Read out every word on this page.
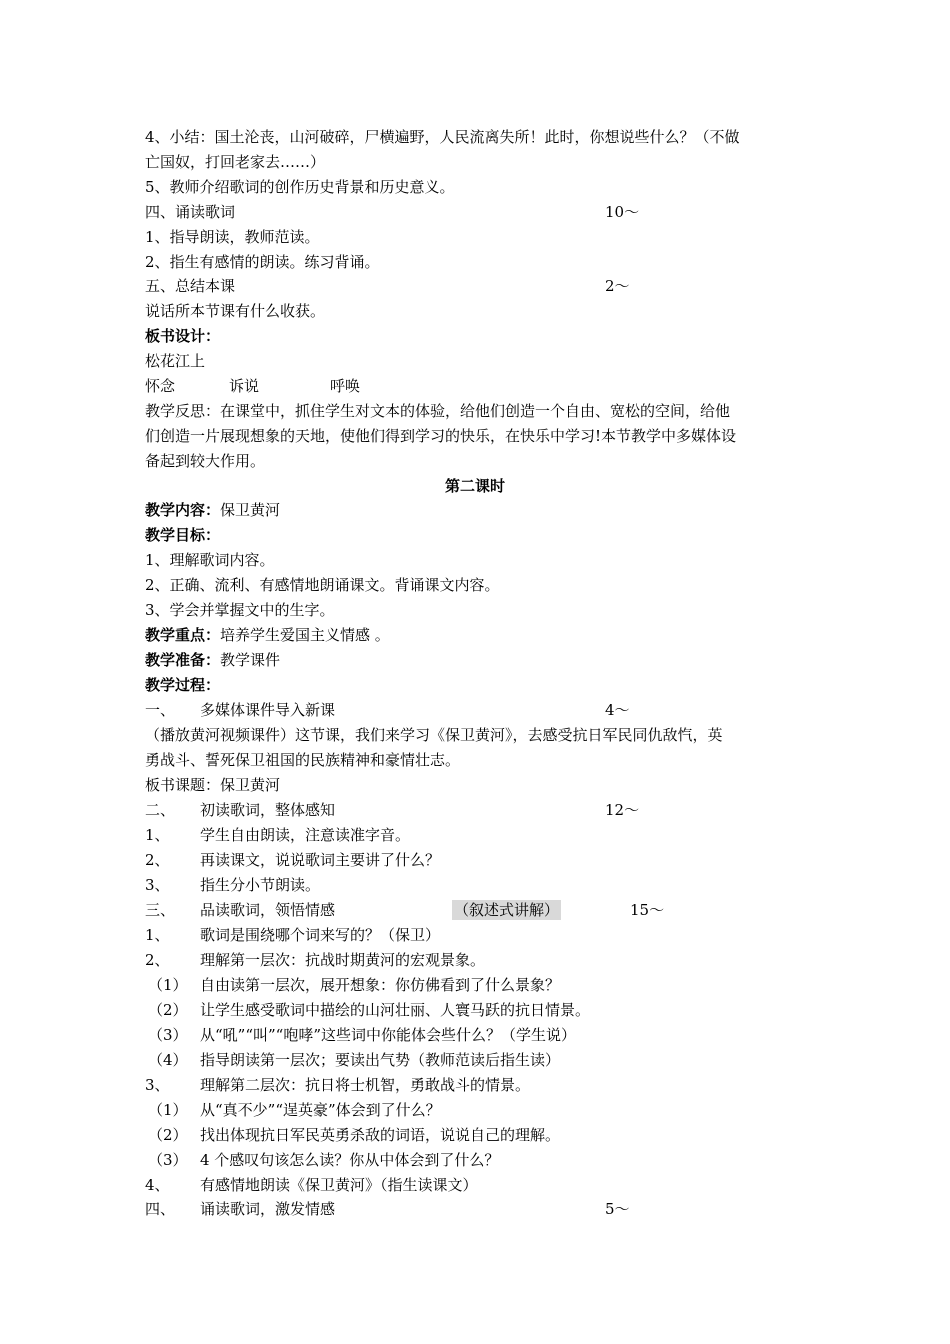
4、小结：国土沦丧，山河破碎，尸横遍野，人民流离失所！此时，你想说些什么？（不做
亡国奴，打回老家去……）
5、教师介绍歌词的创作历史背景和历史意义。
四、诵读歌词	10～
1、指导朗读，教师范读。
2、指生有感情的朗读。练习背诵。
五、总结本课	2～
说话所本节课有什么收获。
板书设计：
松花江上
怀念	诉说	呼唤
教学反思：在课堂中，抓住学生对文本的体验，给他们创造一个自由、宽松的空间，给他
们创造一片展现想象的天地，使他们得到学习的快乐，在快乐中学习!本节教学中多媒体设
备起到较大作用。
第二课时
教学内容：保卫黄河
教学目标：
1、理解歌词内容。
2、正确、流利、有感情地朗诵课文。背诵课文内容。
3、学会并掌握文中的生字。
教学重点：培养学生爱国主义情感 。
教学准备：教学课件
教学过程：
一、 多媒体课件导入新课	4～
（播放黄河视频课件）这节课，我们来学习《保卫黄河》，去感受抗日军民同仇敌忾，英
勇战斗、誓死保卫祖国的民族精神和豪情壮志。
板书课题：保卫黄河
二、 初读歌词，整体感知	12～
1、 学生自由朗读，注意读准字音。
2、 再读课文，说说歌词主要讲了什么？
3、 指生分小节朗读。
三、 品读歌词，领悟情感	（叙述式讲解）	15～
1、 歌词是围绕哪个词来写的？（保卫）
2、 理解第一层次：抗战时期黄河的宏观景象。
（1） 自由读第一层次，展开想象：你仿佛看到了什么景象？
（2） 让学生感受歌词中描绘的山河壮丽、人寰马跃的抗日情景。
（3） 从“吼”“叫”“咆哮”这些词中你能体会些什么？（学生说）
（4） 指导朗读第一层次；要读出气势（教师范读后指生读）
3、 理解第二层次：抗日将士机智，勇敢战斗的情景。
（1） 从“真不少”“逞英豪”体会到了什么？
（2） 找出体现抗日军民英勇杀敌的词语，说说自己的理解。
（3） 4 个感叹句该怎么读？你从中体会到了什么？
4、 有感情地朗读《保卫黄河》（指生读课文）
四、 诵读歌词，激发情感	5～
